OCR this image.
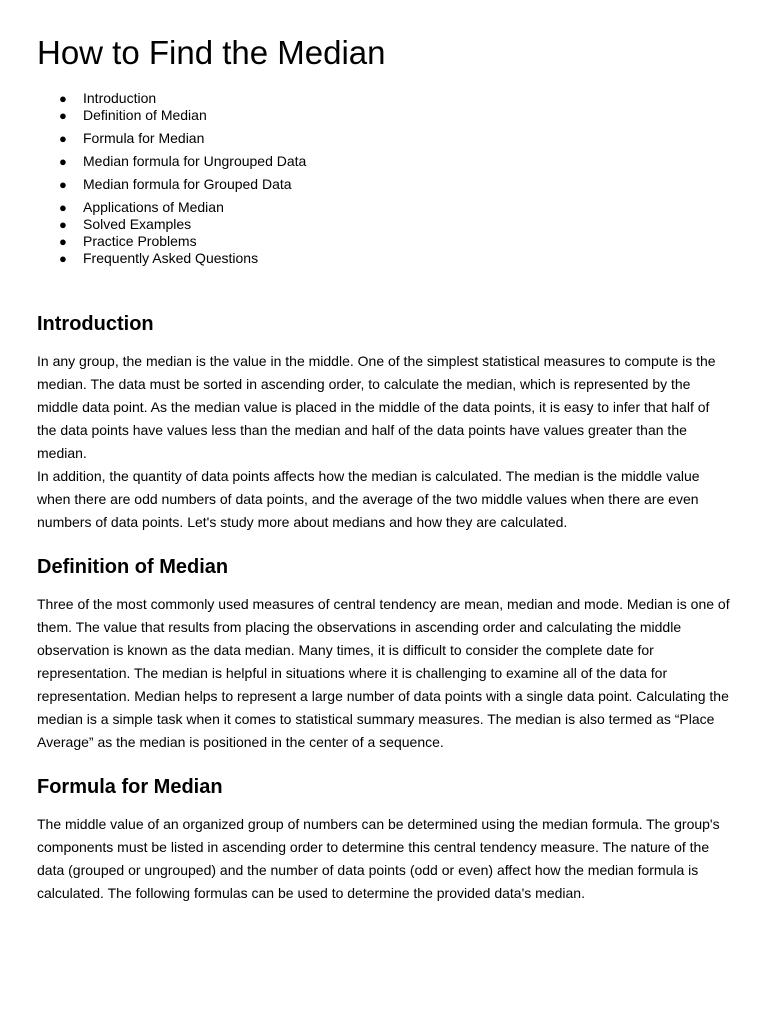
How to Find the Median
● Introduction
● Definition of Median
● Formula for Median
● Median formula for Ungrouped Data
● Median formula for Grouped Data
● Applications of Median
● Solved Examples
● Practice Problems
● Frequently Asked Questions
Introduction

In any group, the median is the value in the middle. One of the simplest statistical measures to compute is the median. The data must be sorted in ascending order, to calculate the median, which is represented by the middle data point. As the median value is placed in the middle of the data points, it is easy to infer that half of the data points have values less than the median and half of the data points have values greater than the median.

In addition, the quantity of data points affects how the median is calculated. The median is the middle value when there are odd numbers of data points, and the average of the two middle values when there are even numbers of data points. Let's study more about medians and how they are calculated.

Definition of Median

Three of the most commonly used measures of central tendency are mean, median and mode. Median is one of them. The value that results from placing the observations in ascending order and calculating the middle observation is known as the data median. Many times, it is difficult to consider the complete date for representation. The median is helpful in situations where it is challenging to examine all of the data for representation. Median helps to represent a large number of data points with a single data point. Calculating the median is a simple task when it comes to statistical summary measures. The median is also termed as “Place Average” as the median is positioned in the center of a sequence.

Formula for Median

The middle value of an organized group of numbers can be determined using the median formula. The group's components must be listed in ascending order to determine this central tendency measure. The nature of the data (grouped or ungrouped) and the number of data points (odd or even) affect how the median formula is calculated. The following formulas can be used to determine the provided data's median.
